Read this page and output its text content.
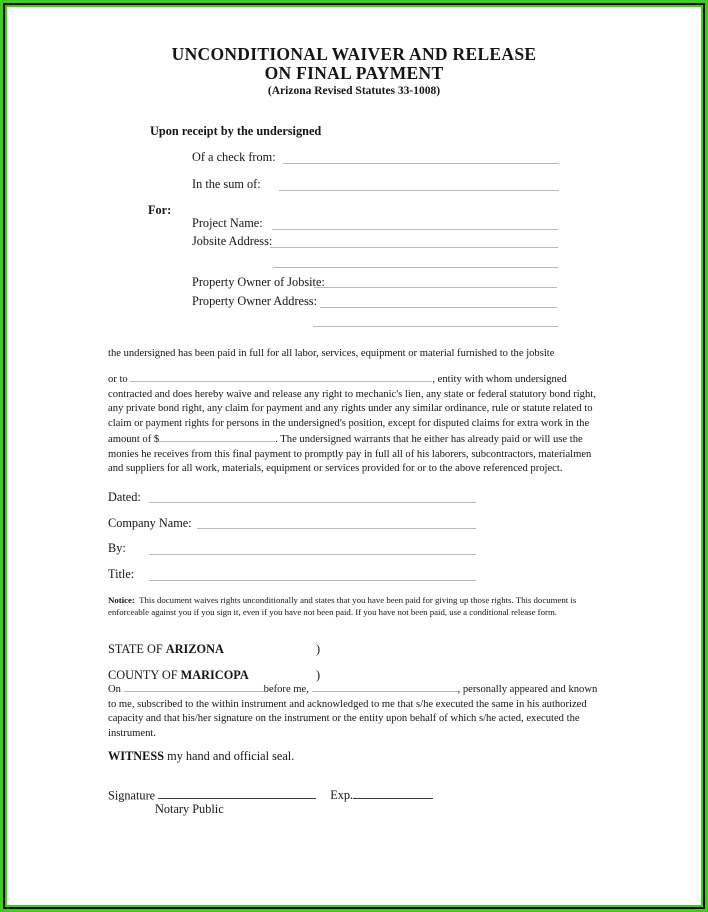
UNCONDITIONAL WAIVER AND RELEASE
ON FINAL PAYMENT
(Arizona Revised Statutes 33-1008)
Upon receipt by the undersigned
Of a check from:
In the sum of:
For:
Project Name:
Jobsite Address:
Property Owner of Jobsite:
Property Owner Address:
the undersigned has been paid in full for all labor, services, equipment or material furnished to the jobsite
or to	, entity with whom undersigned contracted and does hereby waive and release any right to mechanic's lien, any state or federal statutory bond right, any private bond right, any claim for payment and any rights under any similar ordinance, rule or statute related to claim or payment rights for persons in the undersigned's position, except for disputed claims for extra work in the amount of $	. The undersigned warrants that he either has already paid or will use the monies he receives from this final payment to promptly pay in full all of his laborers, subcontractors, materialmen and suppliers for all work, materials, equipment or services provided for or to the above referenced project.
Dated:
Company Name:
By:
Title:
Notice: This document waives rights unconditionally and states that you have been paid for giving up those rights. This document is enforceable against you if you sign it, even if you have not been paid. If you have not been paid, use a conditional release form.
STATE OF ARIZONA	)
COUNTY OF MARICOPA	)
On	before me,	, personally appeared and known to me, subscribed to the within instrument and acknowledged to me that s/he executed the same in his authorized capacity and that his/her signature on the instrument or the entity upon behalf of which s/he acted, executed the instrument.
WITNESS my hand and official seal.
Signature	Exp.
Notary Public
